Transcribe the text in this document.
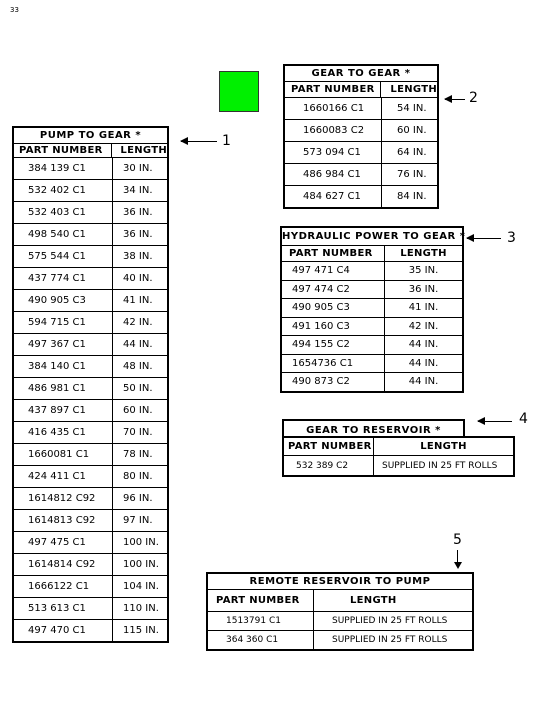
33
PUMP TO GEAR *
PART NUMBER	LENGTH
384 139 C1	30 IN.
532 402 C1	34 IN.
532 403 C1	36 IN.
498 540 C1	36 IN.
575 544 C1	38 IN.
437 774 C1	40 IN.
490 905 C3	41 IN.
594 715 C1	42 IN.
497 367 C1	44 IN.
384 140 C1	48 IN.
486 981 C1	50 IN.
437 897 C1	60 IN.
416 435 C1	70 IN.
1660081 C1	78 IN.
424 411 C1	80 IN.
1614812 C92	96 IN.
1614813 C92	97 IN.
497 475 C1	100 IN.
1614814 C92	100 IN.
1666122 C1	104 IN.
513 613 C1	110 IN.
497 470 C1	115 IN.
GEAR TO GEAR *
PART NUMBER	LENGTH
1660166 C1	54 IN.
1660083 C2	60 IN.
573 094 C1	64 IN.
486 984 C1	76 IN.
484 627 C1	84 IN.
HYDRAULIC POWER TO GEAR *
PART NUMBER	LENGTH
497 471 C4	35 IN.
497 474 C2	36 IN.
490 905 C3	41 IN.
491 160 C3	42 IN.
494 155 C2	44 IN.
1654736 C1	44 IN.
490 873 C2	44 IN.
GEAR TO RESERVOIR *
PART NUMBER	LENGTH
532 389 C2	SUPPLIED IN 25 FT ROLLS
REMOTE RESERVOIR TO PUMP
PART NUMBER	LENGTH
1513791 C1	SUPPLIED IN 25 FT ROLLS
364 360 C1	SUPPLIED IN 25 FT ROLLS
1
2
3
4
5
